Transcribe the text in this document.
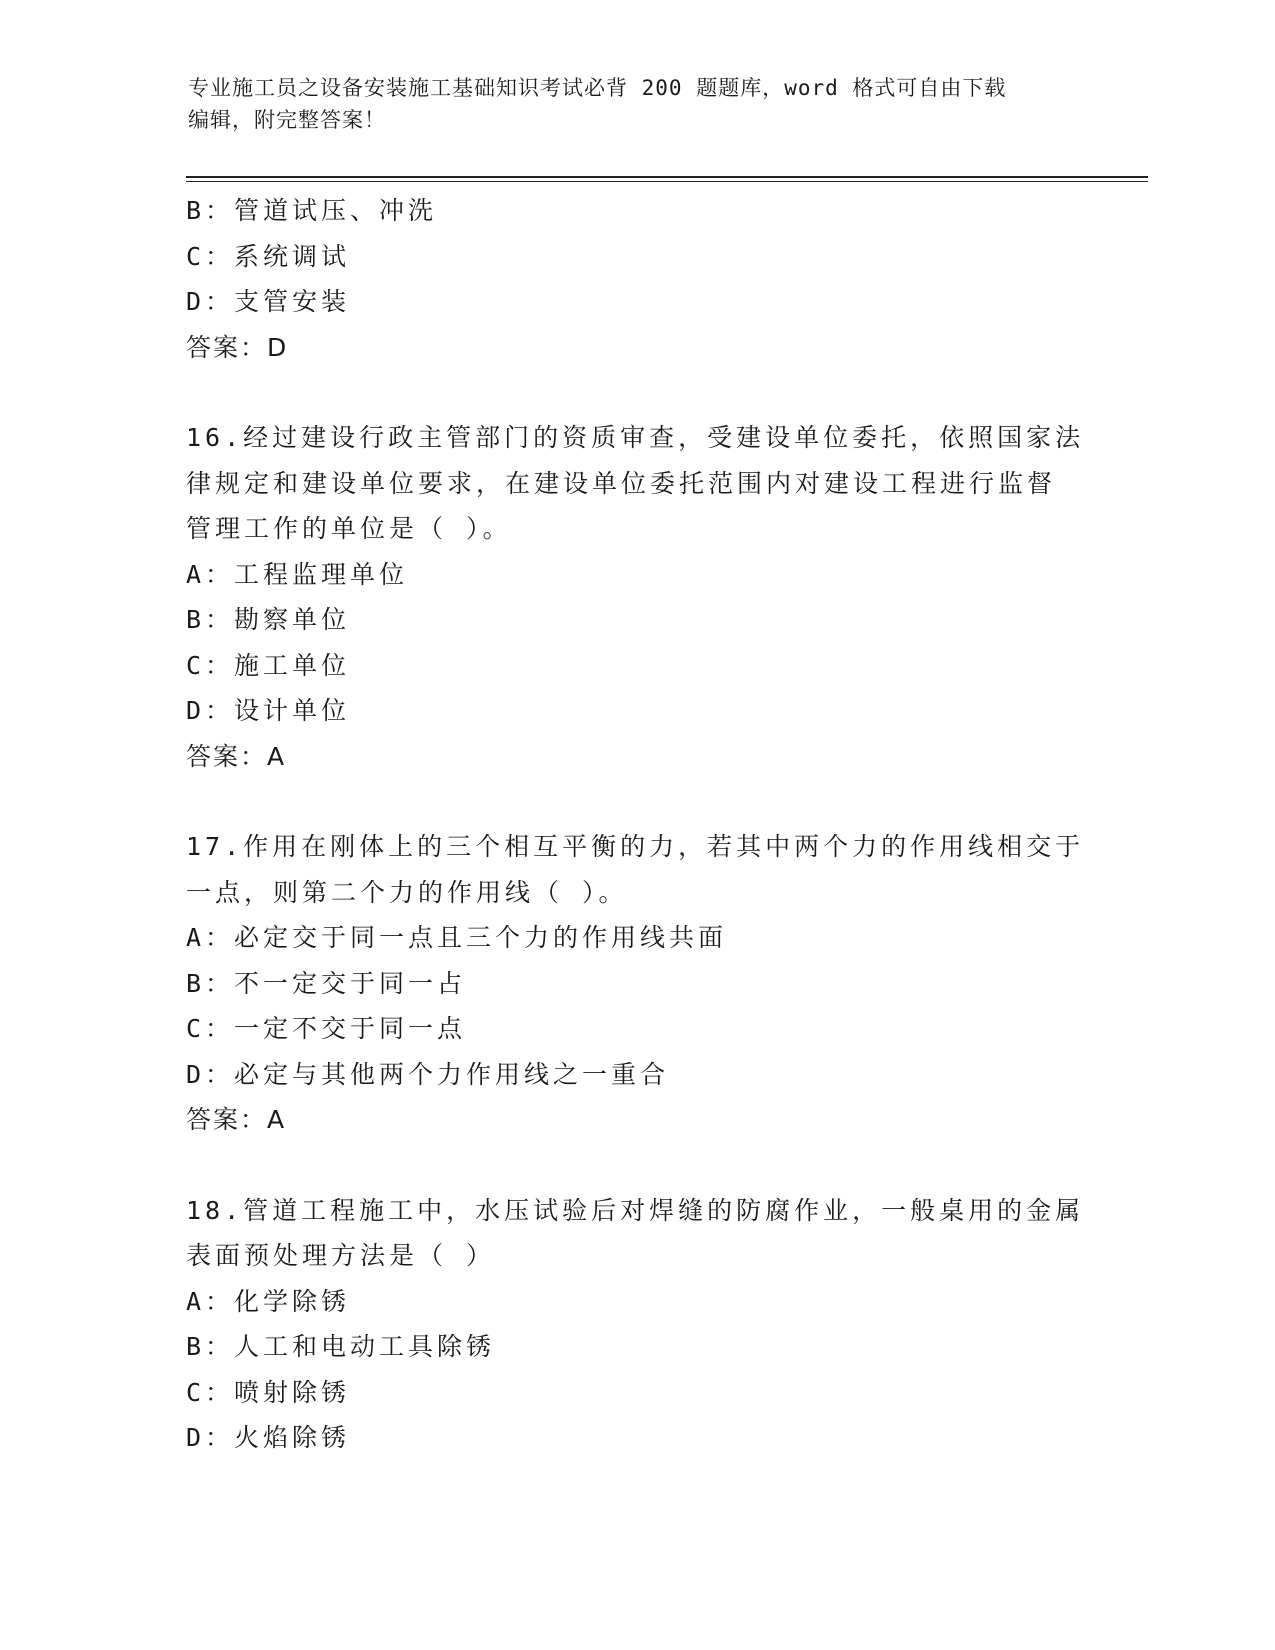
专业施工员之设备安装施工基础知识考试必背 200 题题库，word 格式可自由下载
编辑，附完整答案！
B：管道试压、冲洗
C：系统调试
D：支管安装
答案：D
16.经过建设行政主管部门的资质审查，受建设单位委托，依照国家法
律规定和建设单位要求，在建设单位委托范围内对建设工程进行监督
管理工作的单位是（ ）。
A：工程监理单位
B：勘察单位
C：施工单位
D：设计单位
答案：A
17.作用在刚体上的三个相互平衡的力，若其中两个力的作用线相交于
一点，则第二个力的作用线（ ）。
A：必定交于同一点且三个力的作用线共面
B：不一定交于同一占
C：一定不交于同一点
D：必定与其他两个力作用线之一重合
答案：A
18.管道工程施工中，水压试验后对焊缝的防腐作业，一般桌用的金属
表面预处理方法是（ ）
A：化学除锈
B：人工和电动工具除锈
C：喷射除锈
D：火焰除锈
